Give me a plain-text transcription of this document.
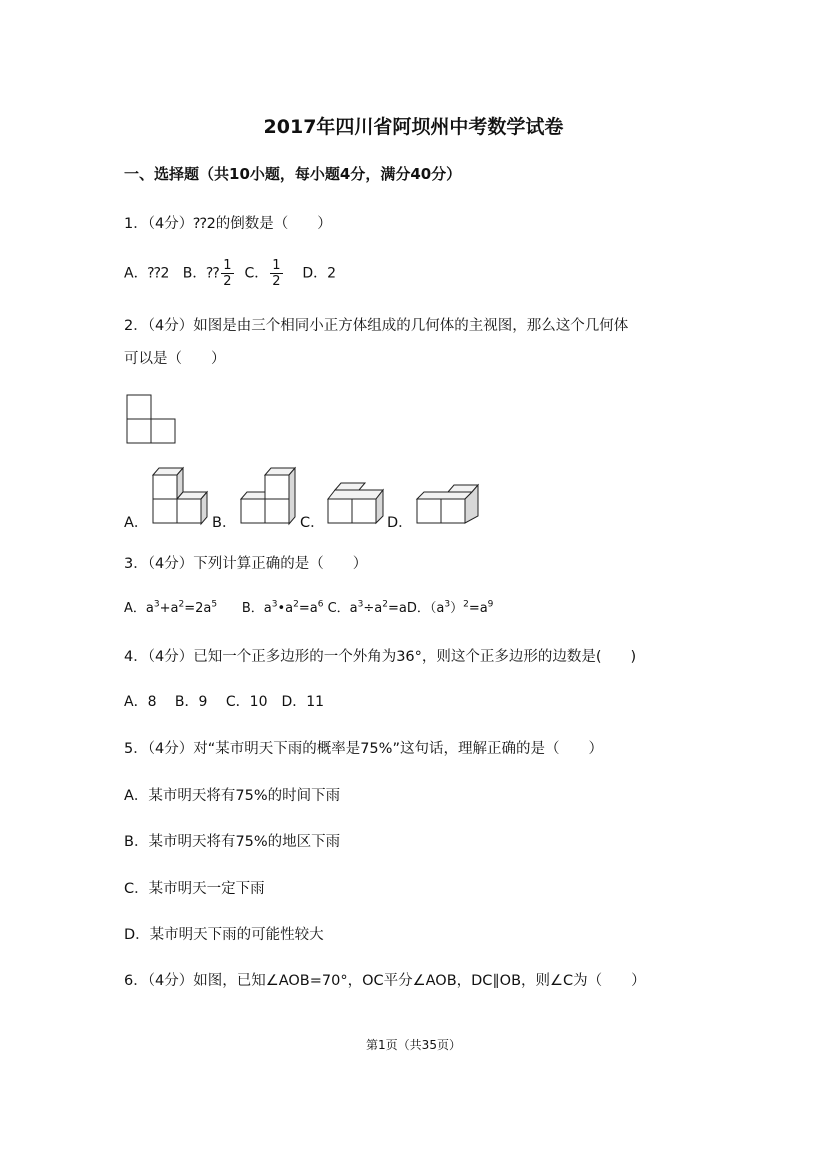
2017年四川省阿坝州中考数学试卷
一、选择题（共10小题，每小题4分，满分40分）
1．（4分）⁇2的倒数是（　　）
A．⁇2 B．⁇ $\frac{1}{2}$ C． $\frac{1}{2}$ D．2
2．（4分）如图是由三个相同小正方体组成的几何体的主视图，那么这个几何体
可以是（　　）
A．	B．	C．	D．
3．（4分）下列计算正确的是（　　）
A．$a^3+a^2=2a^5$ B．$a^3•a^2=a^6$ C．$a^3\div a^2=aD$．$(a^3)^2=a^9$
4．（4分）已知一个正多边形的一个外角为36°，则这个正多边形的边数是(　　)
A．8　 B．9　 C．10　D．11
5．（4分）对“某市明天下雨的概率是75%”这句话，理解正确的是（　　）
A．某市明天将有75%的时间下雨
B．某市明天将有75%的地区下雨
C．某市明天一定下雨
D．某市明天下雨的可能性较大
6．（4分）如图，已知∠AOB=70°，OC平分∠AOB，DC∥OB，则∠C为（　　）
第1页（共35页）
